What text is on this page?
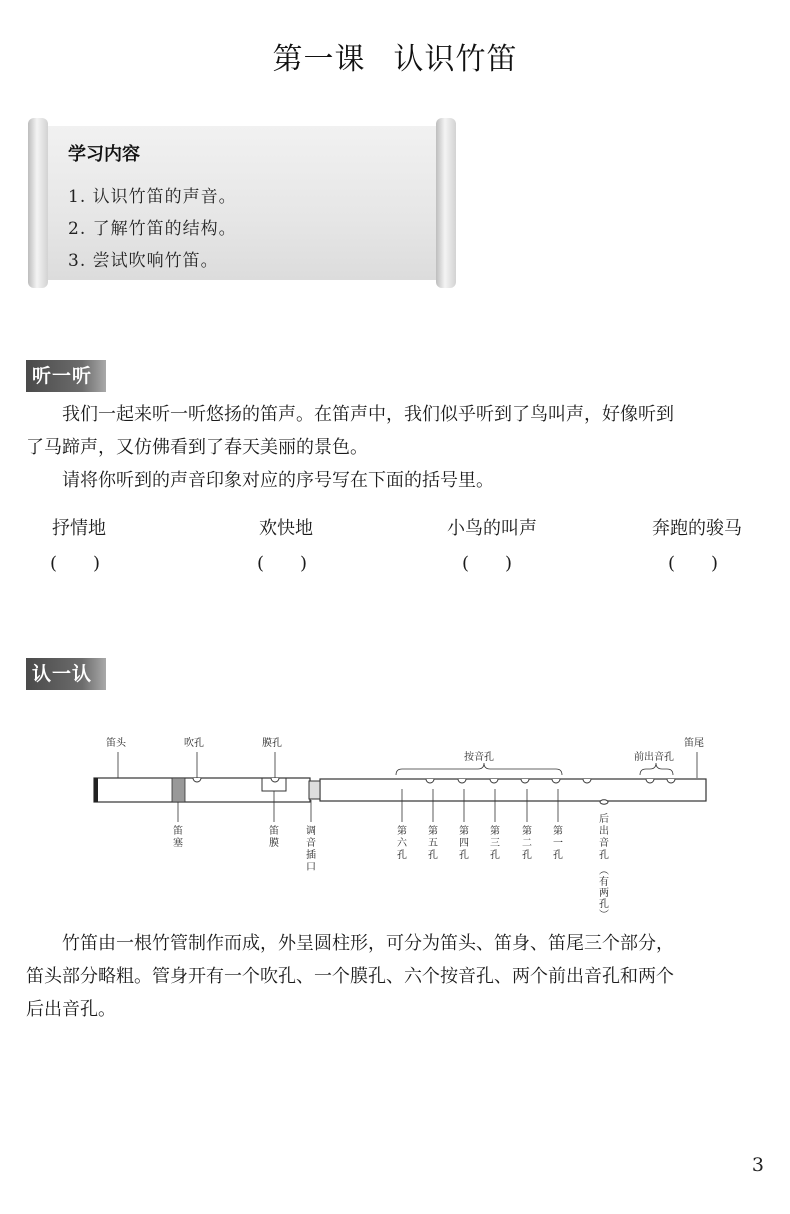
第一课 认识竹笛
学习内容
1. 认识竹笛的声音。
2. 了解竹笛的结构。
3. 尝试吹响竹笛。
听一听
我们一起来听一听悠扬的笛声。在笛声中，我们似乎听到了鸟叫声，好像听到
了马蹄声，又仿佛看到了春天美丽的景色。
请将你听到的声音印象对应的序号写在下面的括号里。
抒情地	欢快地	小鸟的叫声	奔跑的骏马
(　　)	(　　)	(　　)	(　　)
认一认
笛头	吹孔	膜孔
按音孔	前出音孔
笛尾
笛塞
笛膜
调音插口
第六孔
第五孔
第四孔
第三孔
第二孔
第一孔
后出音孔
︵有两孔︶
竹笛由一根竹管制作而成，外呈圆柱形，可分为笛头、笛身、笛尾三个部分，
笛头部分略粗。管身开有一个吹孔、一个膜孔、六个按音孔、两个前出音孔和两个
后出音孔。
3
